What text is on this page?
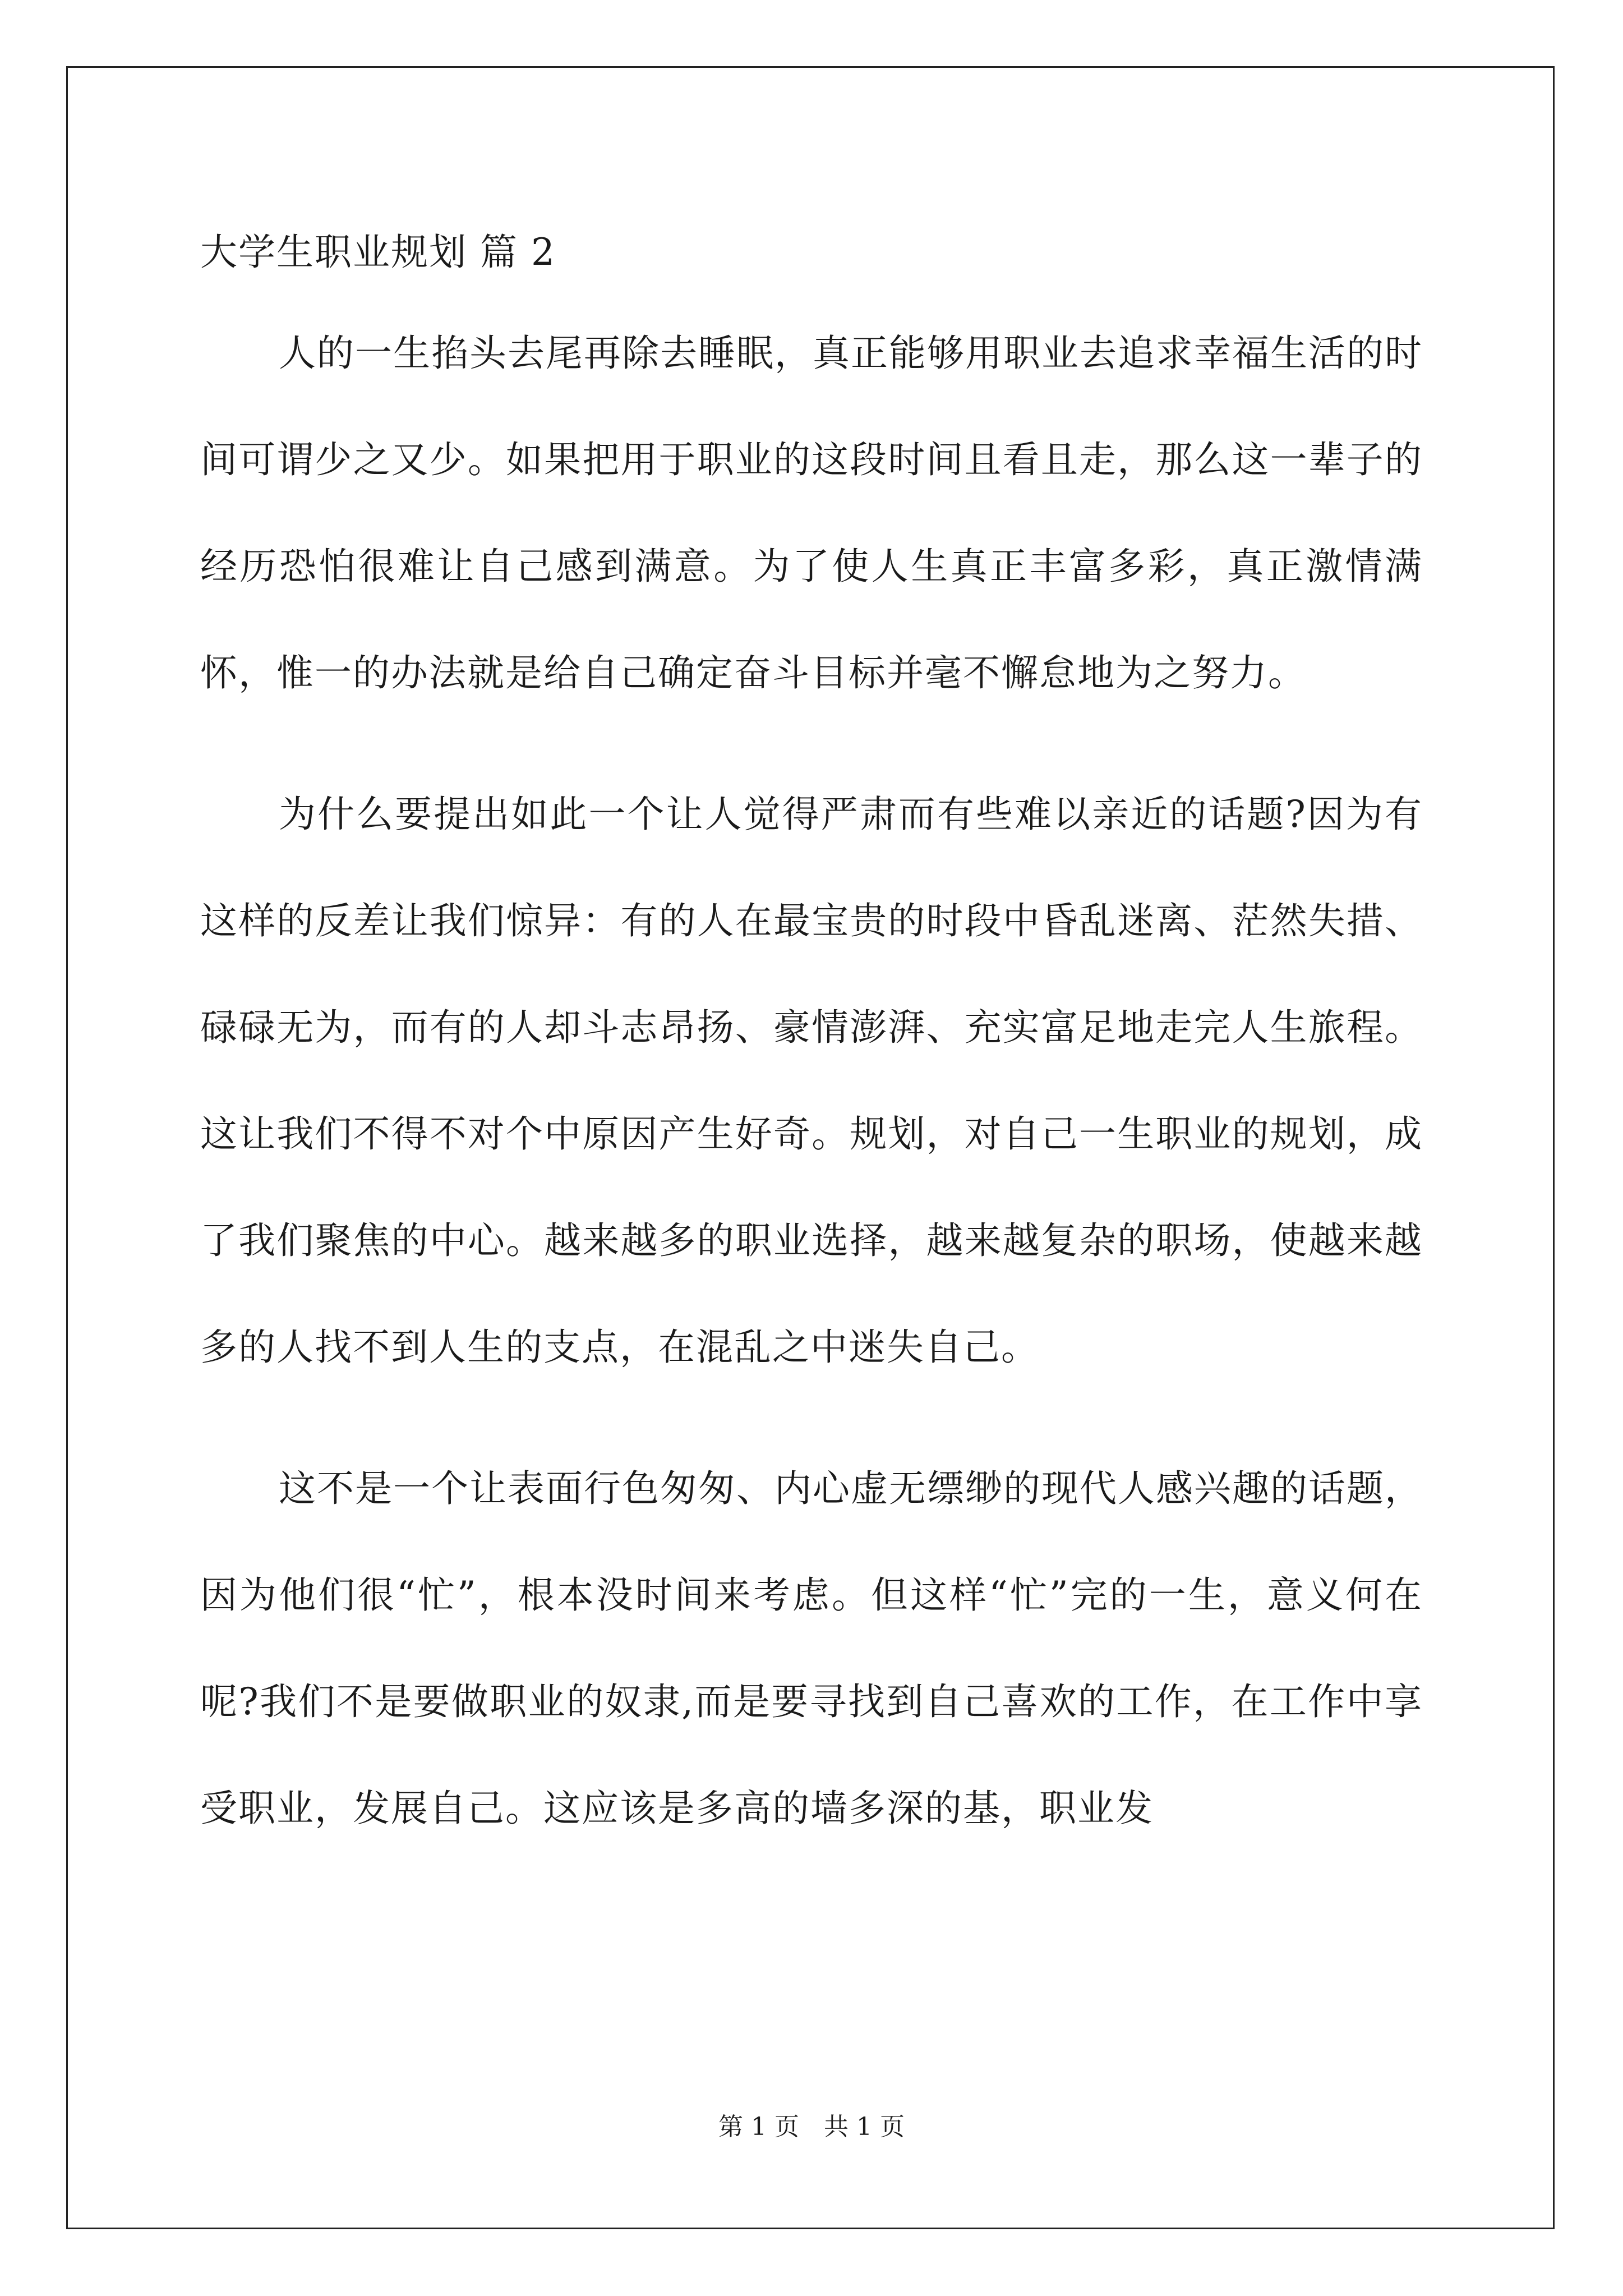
大学生职业规划 篇 2

人的一生掐头去尾再除去睡眠，真正能够用职业去追求幸福生活的时间可谓少之又少。如果把用于职业的这段时间且看且走，那么这一辈子的经历恐怕很难让自己感到满意。为了使人生真正丰富多彩，真正激情满怀，惟一的办法就是给自己确定奋斗目标并毫不懈怠地为之努力。

为什么要提出如此一个让人觉得严肃而有些难以亲近的话题?因为有这样的反差让我们惊异：有的人在最宝贵的时段中昏乱迷离、茫然失措、碌碌无为，而有的人却斗志昂扬、豪情澎湃、充实富足地走完人生旅程。这让我们不得不对个中原因产生好奇。规划，对自己一生职业的规划，成了我们聚焦的中心。越来越多的职业选择，越来越复杂的职场，使越来越多的人找不到人生的支点，在混乱之中迷失自己。

这不是一个让表面行色匆匆、内心虚无缥缈的现代人感兴趣的话题，因为他们很“忙”，根本没时间来考虑。但这样“忙”完的一生，意义何在呢?我们不是要做职业的奴隶,而是要寻找到自己喜欢的工作，在工作中享受职业，发展自己。这应该是多高的墙多深的基，职业发

第 1 页　共 1 页
